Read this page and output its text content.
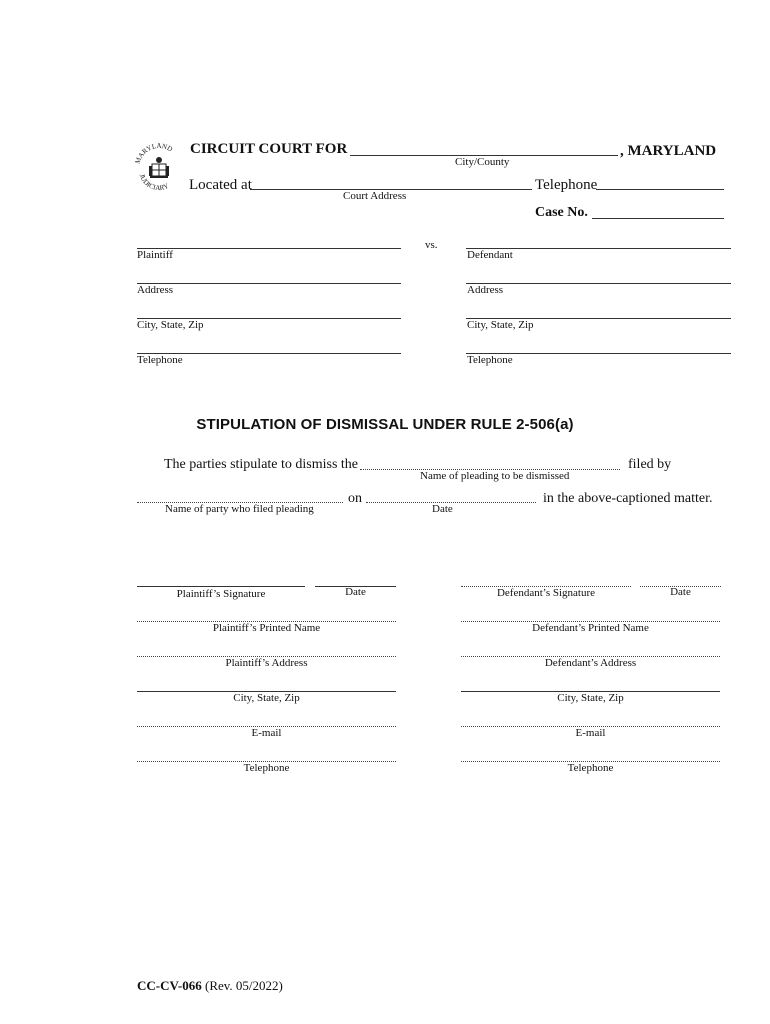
MARYLAND
JUDICIARY
CIRCUIT COURT FOR
City/County
, MARYLAND
Located at
Court Address
Telephone
Case No.
Plaintiff
Address
City, State, Zip
Telephone
vs.
Defendant
Address
City, State, Zip
Telephone
STIPULATION OF DISMISSAL UNDER RULE 2-506(a)
The parties stipulate to dismiss the
Name of pleading to be dismissed
filed by
Name of party who filed pleading
on
Date
in the above-captioned matter.
Plaintiff’s Signature	Date
Plaintiff’s Printed Name
Plaintiff’s Address
City, State, Zip
E-mail
Telephone
Defendant’s Signature	Date
Defendant’s Printed Name
Defendant’s Address
City, State, Zip
E-mail
Telephone
CC-CV-066 (Rev. 05/2022)
